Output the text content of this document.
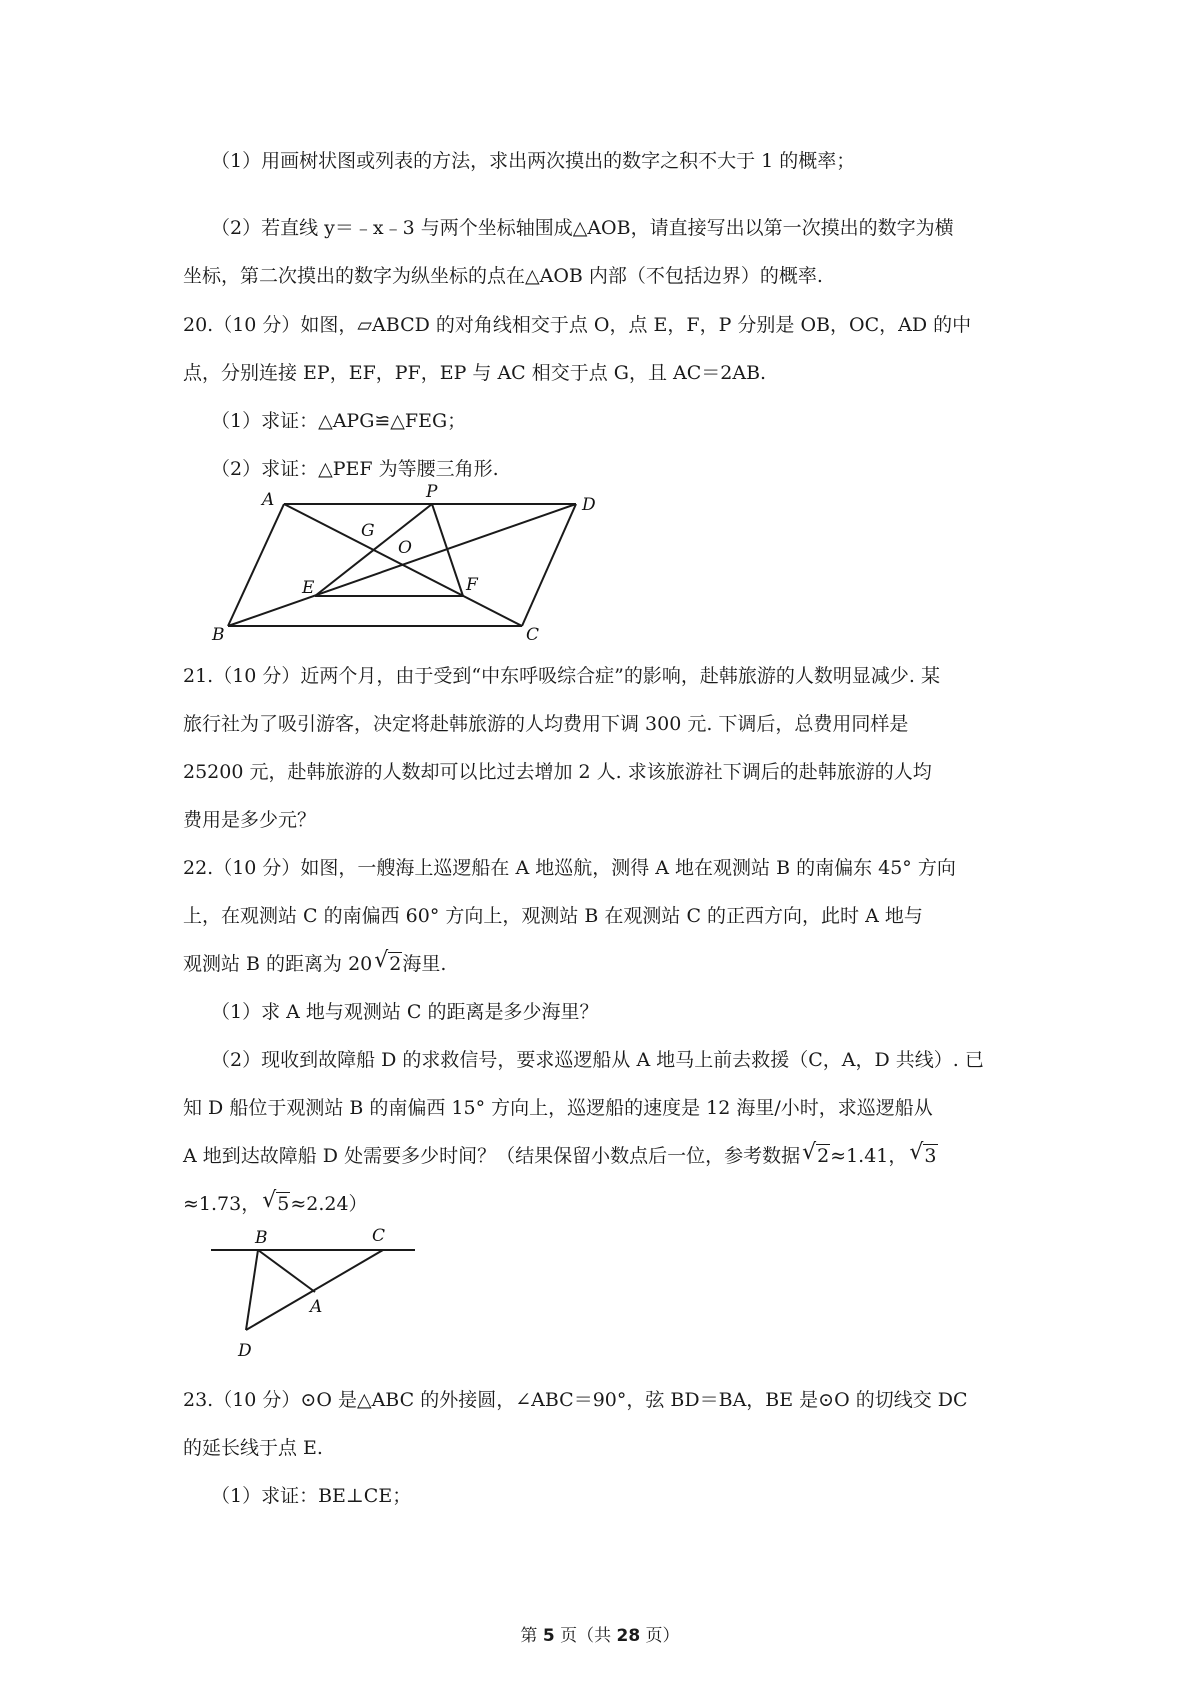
（1）用画树状图或列表的方法，求出两次摸出的数字之积不大于 1 的概率；
（2）若直线 y＝﹣x﹣3 与两个坐标轴围成△AOB，请直接写出以第一次摸出的数字为横
坐标，第二次摸出的数字为纵坐标的点在△AOB 内部（不包括边界）的概率.
20.（10 分）如图，▱ABCD 的对角线相交于点 O，点 E，F，P 分别是 OB，OC，AD 的中
点，分别连接 EP，EF，PF，EP 与 AC 相交于点 G，且 AC＝2AB.
（1）求证：△APG≌△FEG；
（2）求证：△PEF 为等腰三角形.
A	P
D
G
O
E	F
B	C
21.（10 分）近两个月，由于受到“中东呼吸综合症”的影响，赴韩旅游的人数明显减少. 某
旅行社为了吸引游客，决定将赴韩旅游的人均费用下调 300 元. 下调后，总费用同样是
25200 元，赴韩旅游的人数却可以比过去增加 2 人. 求该旅游社下调后的赴韩旅游的人均
费用是多少元？
22.（10 分）如图，一艘海上巡逻船在 A 地巡航，测得 A 地在观测站 B 的南偏东 45° 方向
上，在观测站 C 的南偏西 60° 方向上，观测站 B 在观测站 C 的正西方向，此时 A 地与
观测站 B 的距离为 20 √ 2海里.
（1）求 A 地与观测站 C 的距离是多少海里？
（2）现收到故障船 D 的求救信号，要求巡逻船从 A 地马上前去救援（C，A，D 共线）. 已
知 D 船位于观测站 B 的南偏西 15° 方向上，巡逻船的速度是 12 海里/小时，求巡逻船从
A 地到达故障船 D 处需要多少时间？（结果保留小数点后一位，参考数据 √ 2≈1.41， √ 3
≈1.73， √ 5≈2.24）
B	C
A
D
23.（10 分）⊙O 是△ABC 的外接圆，∠ABC＝90°，弦 BD＝BA，BE 是⊙O 的切线交 DC
的延长线于点 E.
（1）求证：BE⊥CE；
第 5 页（共 28 页）
